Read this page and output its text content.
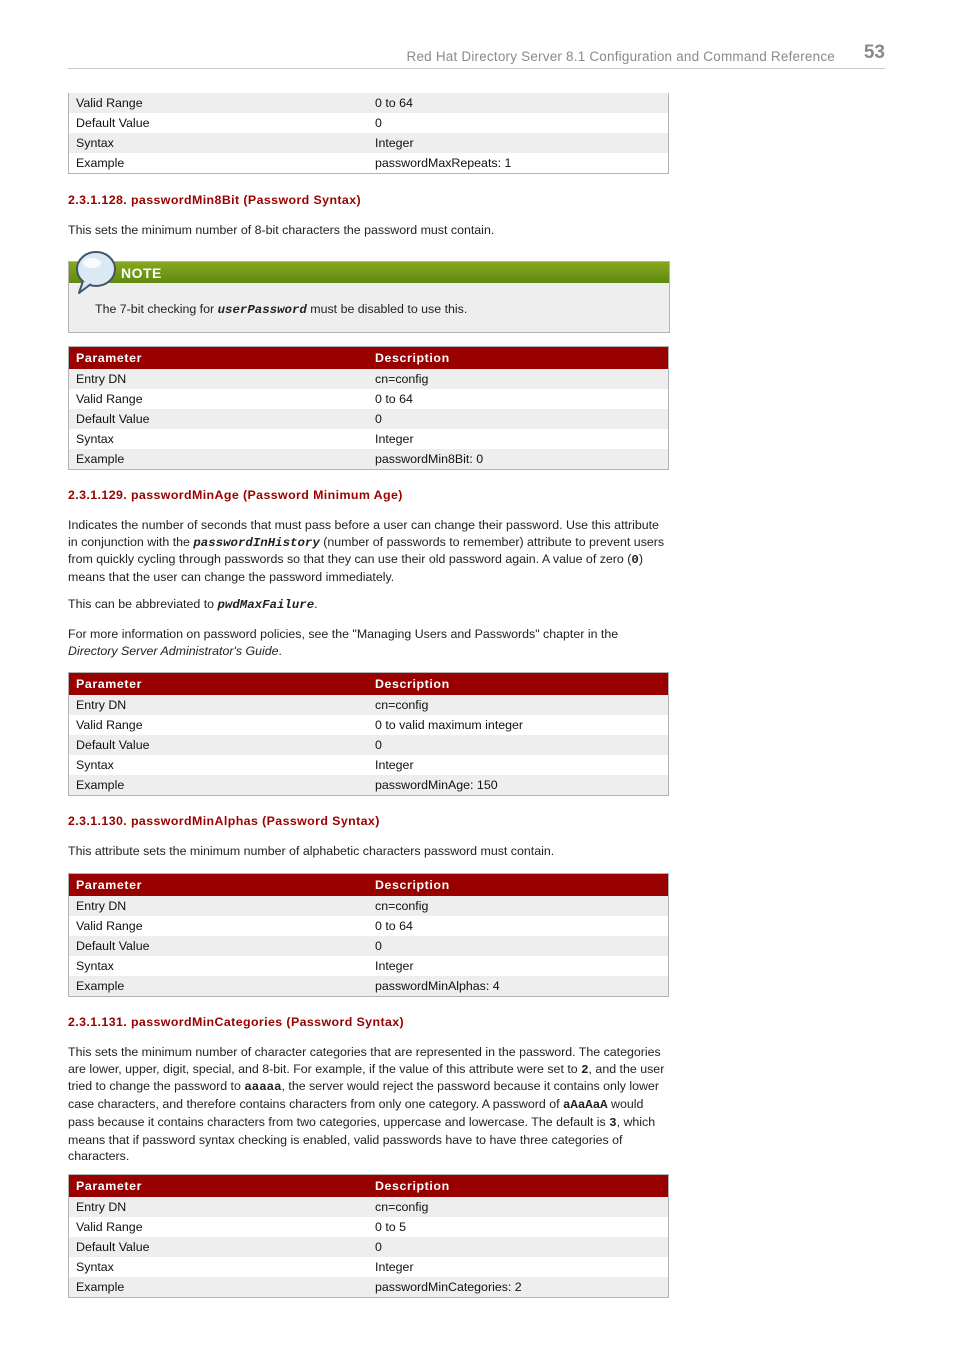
Red Hat Directory Server 8.1 Configuration and Command Reference 53
Valid Range	0 to 64
Default Value	0
Syntax	Integer
Example	passwordMaxRepeats: 1
2.3.1.128. passwordMin8Bit (Password Syntax)

This sets the minimum number of 8-bit characters the password must contain.

NOTE
The 7-bit checking for userPassword must be disabled to use this.
Parameter	Description
Entry DN	cn=config
Valid Range	0 to 64
Default Value	0
Syntax	Integer
Example	passwordMin8Bit: 0
2.3.1.129. passwordMinAge (Password Minimum Age)

Indicates the number of seconds that must pass before a user can change their password. Use this attribute in conjunction with the passwordInHistory (number of passwords to remember) attribute to prevent users from quickly cycling through passwords so that they can use their old password again. A value of zero (0) means that the user can change the password immediately.

This can be abbreviated to pwdMaxFailure.

For more information on password policies, see the "Managing Users and Passwords" chapter in the Directory Server Administrator's Guide.

Parameter	Description
Entry DN	cn=config
Valid Range	0 to valid maximum integer
Default Value	0
Syntax	Integer
Example	passwordMinAge: 150
2.3.1.130. passwordMinAlphas (Password Syntax)

This attribute sets the minimum number of alphabetic characters password must contain.

Parameter	Description
Entry DN	cn=config
Valid Range	0 to 64
Default Value	0
Syntax	Integer
Example	passwordMinAlphas: 4
2.3.1.131. passwordMinCategories (Password Syntax)

This sets the minimum number of character categories that are represented in the password. The categories are lower, upper, digit, special, and 8-bit. For example, if the value of this attribute were set to 2, and the user tried to change the password to aaaaa, the server would reject the password because it contains only lower case characters, and therefore contains characters from only one category. A password of aAaAaA would pass because it contains characters from two categories, uppercase and lowercase. The default is 3, which means that if password syntax checking is enabled, valid passwords have to have three categories of characters.

Parameter	Description
Entry DN	cn=config
Valid Range	0 to 5
Default Value	0
Syntax	Integer
Example	passwordMinCategories: 2
